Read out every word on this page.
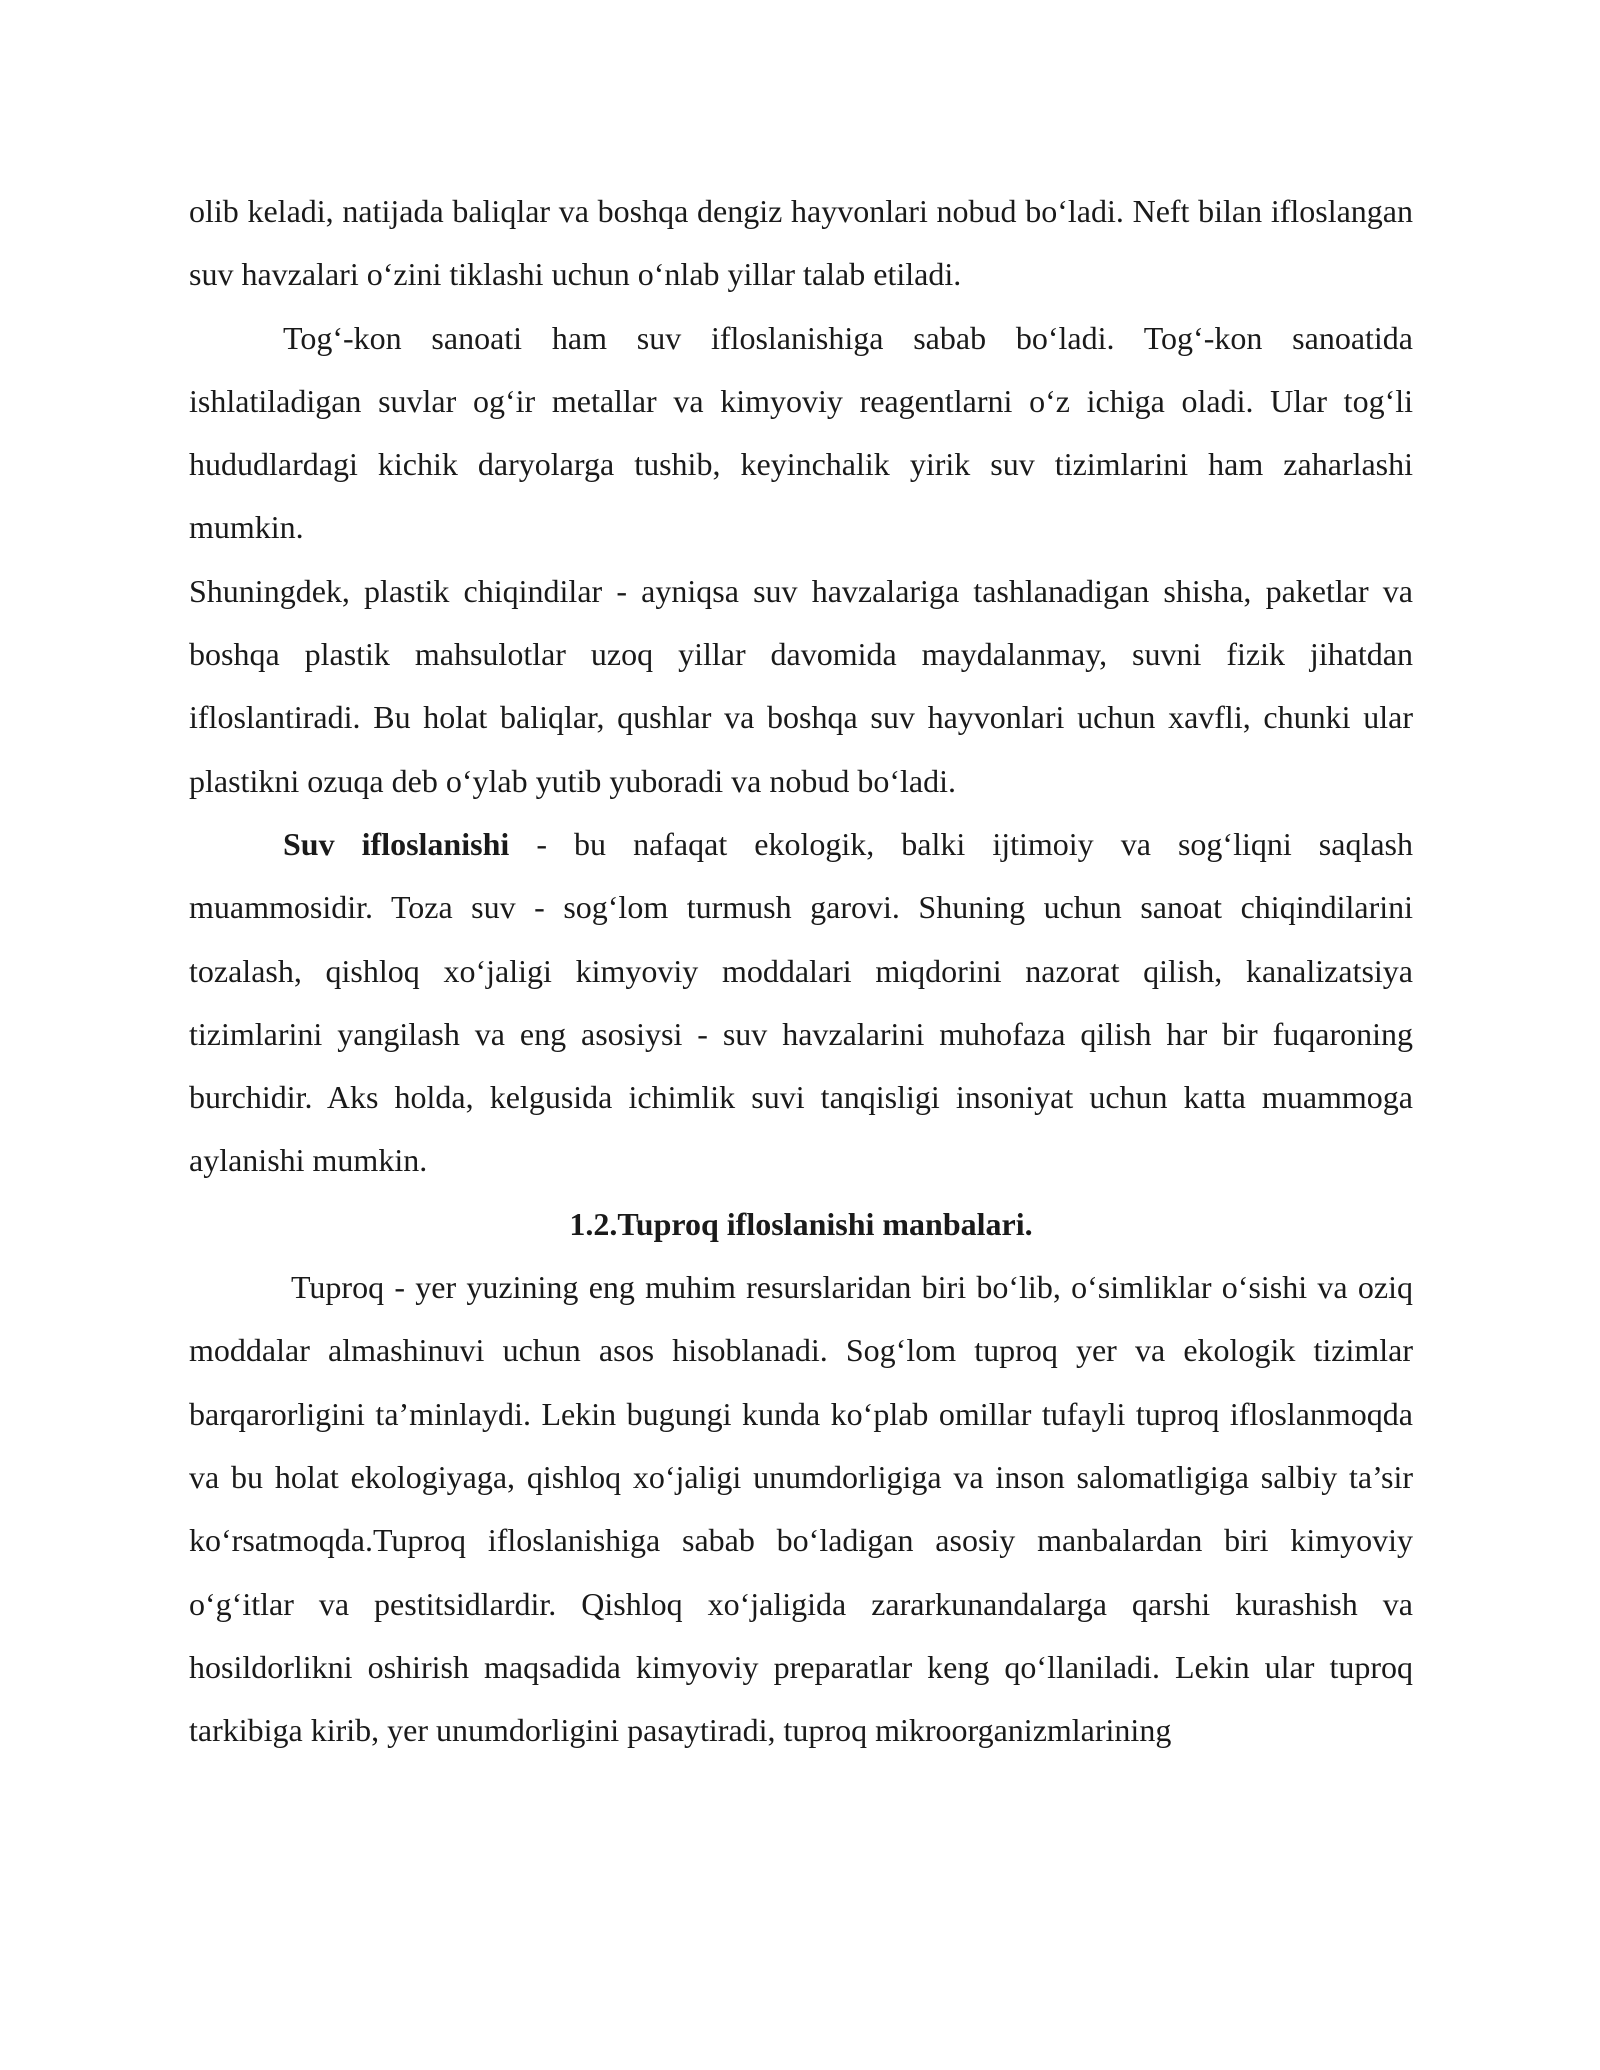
olib keladi, natijada baliqlar va boshqa dengiz hayvonlari nobud bo‘ladi. Neft bilan ifloslangan suv havzalari o‘zini tiklashi uchun o‘nlab yillar talab etiladi.

Tog‘-kon sanoati ham suv ifloslanishiga sabab bo‘ladi. Tog‘-kon sanoatida ishlatiladigan suvlar og‘ir metallar va kimyoviy reagentlarni o‘z ichiga oladi. Ular tog‘li hududlardagi kichik daryolarga tushib, keyinchalik yirik suv tizimlarini ham zaharlashi mumkin.

Shuningdek, plastik chiqindilar - ayniqsa suv havzalariga tashlanadigan shisha, paketlar va boshqa plastik mahsulotlar uzoq yillar davomida maydalanmay, suvni fizik jihatdan ifloslantiradi. Bu holat baliqlar, qushlar va boshqa suv hayvonlari uchun xavfli, chunki ular plastikni ozuqa deb o‘ylab yutib yuboradi va nobud bo‘ladi.

Suv ifloslanishi - bu nafaqat ekologik, balki ijtimoiy va sog‘liqni saqlash muammosidir. Toza suv - sog‘lom turmush garovi. Shuning uchun sanoat chiqindilarini tozalash, qishloq xo‘jaligi kimyoviy moddalari miqdorini nazorat qilish, kanalizatsiya tizimlarini yangilash va eng asosiysi - suv havzalarini muhofaza qilish har bir fuqaroning burchidir. Aks holda, kelgusida ichimlik suvi tanqisligi insoniyat uchun katta muammoga aylanishi mumkin.

1.2.Tuproq ifloslanishi manbalari.

Tuproq - yer yuzining eng muhim resurslaridan biri bo‘lib, o‘simliklar o‘sishi va oziq moddalar almashinuvi uchun asos hisoblanadi. Sog‘lom tuproq yer va ekologik tizimlar barqarorligini ta’minlaydi. Lekin bugungi kunda ko‘plab omillar tufayli tuproq ifloslanmoqda va bu holat ekologiyaga, qishloq xo‘jaligi unumdorligiga va inson salomatligiga salbiy ta’sir ko‘rsatmoqda.Tuproq ifloslanishiga sabab bo‘ladigan asosiy manbalardan biri kimyoviy o‘g‘itlar va pestitsidlardir. Qishloq xo‘jaligida zararkunandalarga qarshi kurashish va hosildorlikni oshirish maqsadida kimyoviy preparatlar keng qo‘llaniladi. Lekin ular tuproq tarkibiga kirib, yer unumdorligini pasaytiradi, tuproq mikroorganizmlarining
